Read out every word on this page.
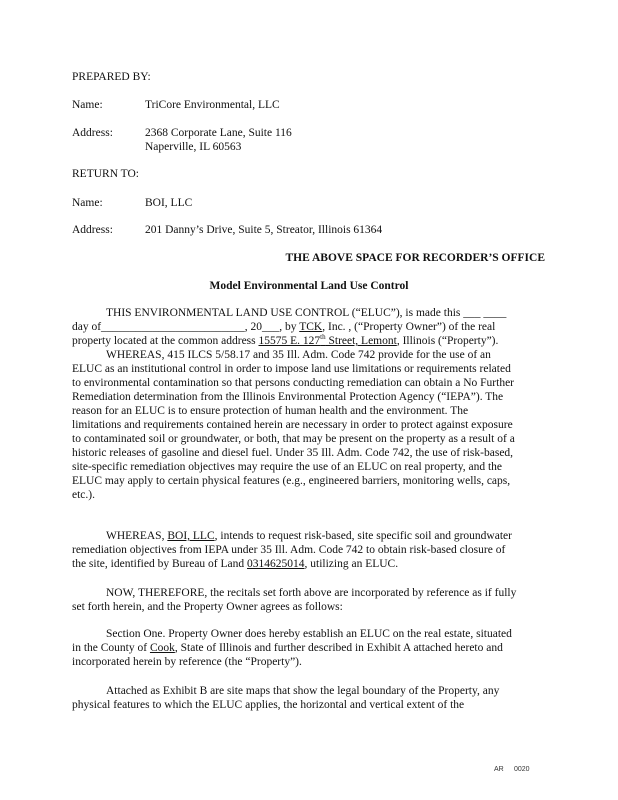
PREPARED BY:
Name:	TriCore Environmental, LLC
Address:	2368 Corporate Lane, Suite 116
Naperville, IL 60563
RETURN TO:
Name:	BOI, LLC
Address:	201 Danny’s Drive, Suite 5, Streator, Illinois 61364
THE ABOVE SPACE FOR RECORDER’S OFFICE
Model Environmental Land Use Control
THIS ENVIRONMENTAL LAND USE CONTROL (“ELUC”), is made this ___ ____
day of_________________________, 20___, by TCK, Inc. , (“Property Owner”) of the real
property located at the common address 15575 E. 127th Street, Lemont, Illinois (“Property”).
WHEREAS, 415 ILCS 5/58.17 and 35 Ill. Adm. Code 742 provide for the use of an
ELUC as an institutional control in order to impose land use limitations or requirements related
to environmental contamination so that persons conducting remediation can obtain a No Further
Remediation determination from the Illinois Environmental Protection Agency (“IEPA”). The
reason for an ELUC is to ensure protection of human health and the environment. The
limitations and requirements contained herein are necessary in order to protect against exposure
to contaminated soil or groundwater, or both, that may be present on the property as a result of a
historic releases of gasoline and diesel fuel. Under 35 Ill. Adm. Code 742, the use of risk-based,
site-specific remediation objectives may require the use of an ELUC on real property, and the
ELUC may apply to certain physical features (e.g., engineered barriers, monitoring wells, caps,
etc.).
WHEREAS, BOI, LLC, intends to request risk-based, site specific soil and groundwater
remediation objectives from IEPA under 35 Ill. Adm. Code 742 to obtain risk-based closure of
the site, identified by Bureau of Land 0314625014, utilizing an ELUC.
NOW, THEREFORE, the recitals set forth above are incorporated by reference as if fully
set forth herein, and the Property Owner agrees as follows:
Section One. Property Owner does hereby establish an ELUC on the real estate, situated
in the County of Cook, State of Illinois and further described in Exhibit A attached hereto and
incorporated herein by reference (the “Property”).
Attached as Exhibit B are site maps that show the legal boundary of the Property, any
physical features to which the ELUC applies, the horizontal and vertical extent of the
AR 0020
